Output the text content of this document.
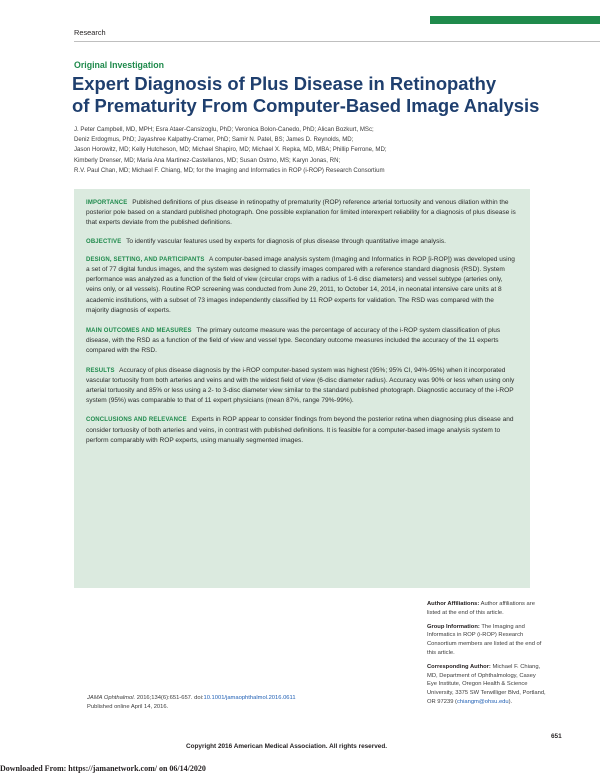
Research
Original Investigation
Expert Diagnosis of Plus Disease in Retinopathy
of Prematurity From Computer-Based Image Analysis
J. Peter Campbell, MD, MPH; Esra Ataer-Cansizoglu, PhD; Veronica Bolon-Canedo, PhD; Alican Bozkurt, MSc;
Deniz Erdogmus, PhD; Jayashree Kalpathy-Cramer, PhD; Samir N. Patel, BS; James D. Reynolds, MD;
Jason Horowitz, MD; Kelly Hutcheson, MD; Michael Shapiro, MD; Michael X. Repka, MD, MBA; Phillip Ferrone, MD;
Kimberly Drenser, MD; Maria Ana Martinez-Castellanos, MD; Susan Ostmo, MS; Karyn Jonas, RN;
R.V. Paul Chan, MD; Michael F. Chiang, MD; for the Imaging and Informatics in ROP (i-ROP) Research Consortium

IMPORTANCE Published definitions of plus disease in retinopathy of prematurity (ROP) reference arterial tortuosity and venous dilation within the posterior pole based on a standard published photograph. One possible explanation for limited interexpert reliability for a diagnosis of plus disease is that experts deviate from the published definitions.

OBJECTIVE To identify vascular features used by experts for diagnosis of plus disease through quantitative image analysis.

DESIGN, SETTING, AND PARTICIPANTS A computer-based image analysis system (Imaging and Informatics in ROP [i-ROP]) was developed using a set of 77 digital fundus images, and the system was designed to classify images compared with a reference standard diagnosis (RSD). System performance was analyzed as a function of the field of view (circular crops with a radius of 1-6 disc diameters) and vessel subtype (arteries only, veins only, or all vessels). Routine ROP screening was conducted from June 29, 2011, to October 14, 2014, in neonatal intensive care units at 8 academic institutions, with a subset of 73 images independently classified by 11 ROP experts for validation. The RSD was compared with the majority diagnosis of experts.

MAIN OUTCOMES AND MEASURES The primary outcome measure was the percentage of accuracy of the i-ROP system classification of plus disease, with the RSD as a function of the field of view and vessel type. Secondary outcome measures included the accuracy of the 11 experts compared with the RSD.

RESULTS Accuracy of plus disease diagnosis by the i-ROP computer-based system was highest (95%; 95% CI, 94%-95%) when it incorporated vascular tortuosity from both arteries and veins and with the widest field of view (6-disc diameter radius). Accuracy was 90% or less when using only arterial tortuosity and 85% or less using a 2- to 3-disc diameter view similar to the standard published photograph. Diagnostic accuracy of the i-ROP system (95%) was comparable to that of 11 expert physicians (mean 87%, range 79%-99%).

CONCLUSIONS AND RELEVANCE Experts in ROP appear to consider findings from beyond the posterior retina when diagnosing plus disease and consider tortuosity of both arteries and veins, in contrast with published definitions. It is feasible for a computer-based image analysis system to perform comparably with ROP experts, using manually segmented images.

Author Affiliations: Author affiliations are listed at the end of this article.
Group Information: The Imaging and Informatics in ROP (i-ROP) Research Consortium members are listed at the end of this article.
Corresponding Author: Michael F. Chiang, MD, Department of Ophthalmology, Casey Eye Institute, Oregon Health & Science University, 3375 SW Terwilliger Blvd, Portland, OR 97239 (chiangm@ohsu.edu).
JAMA Ophthalmol. 2016;134(6):651-657. doi:10.1001/jamaophthalmol.2016.0611
Published online April 14, 2016.
651
Copyright 2016 American Medical Association. All rights reserved.
Downloaded From: https://jamanetwork.com/ on 06/14/2020
